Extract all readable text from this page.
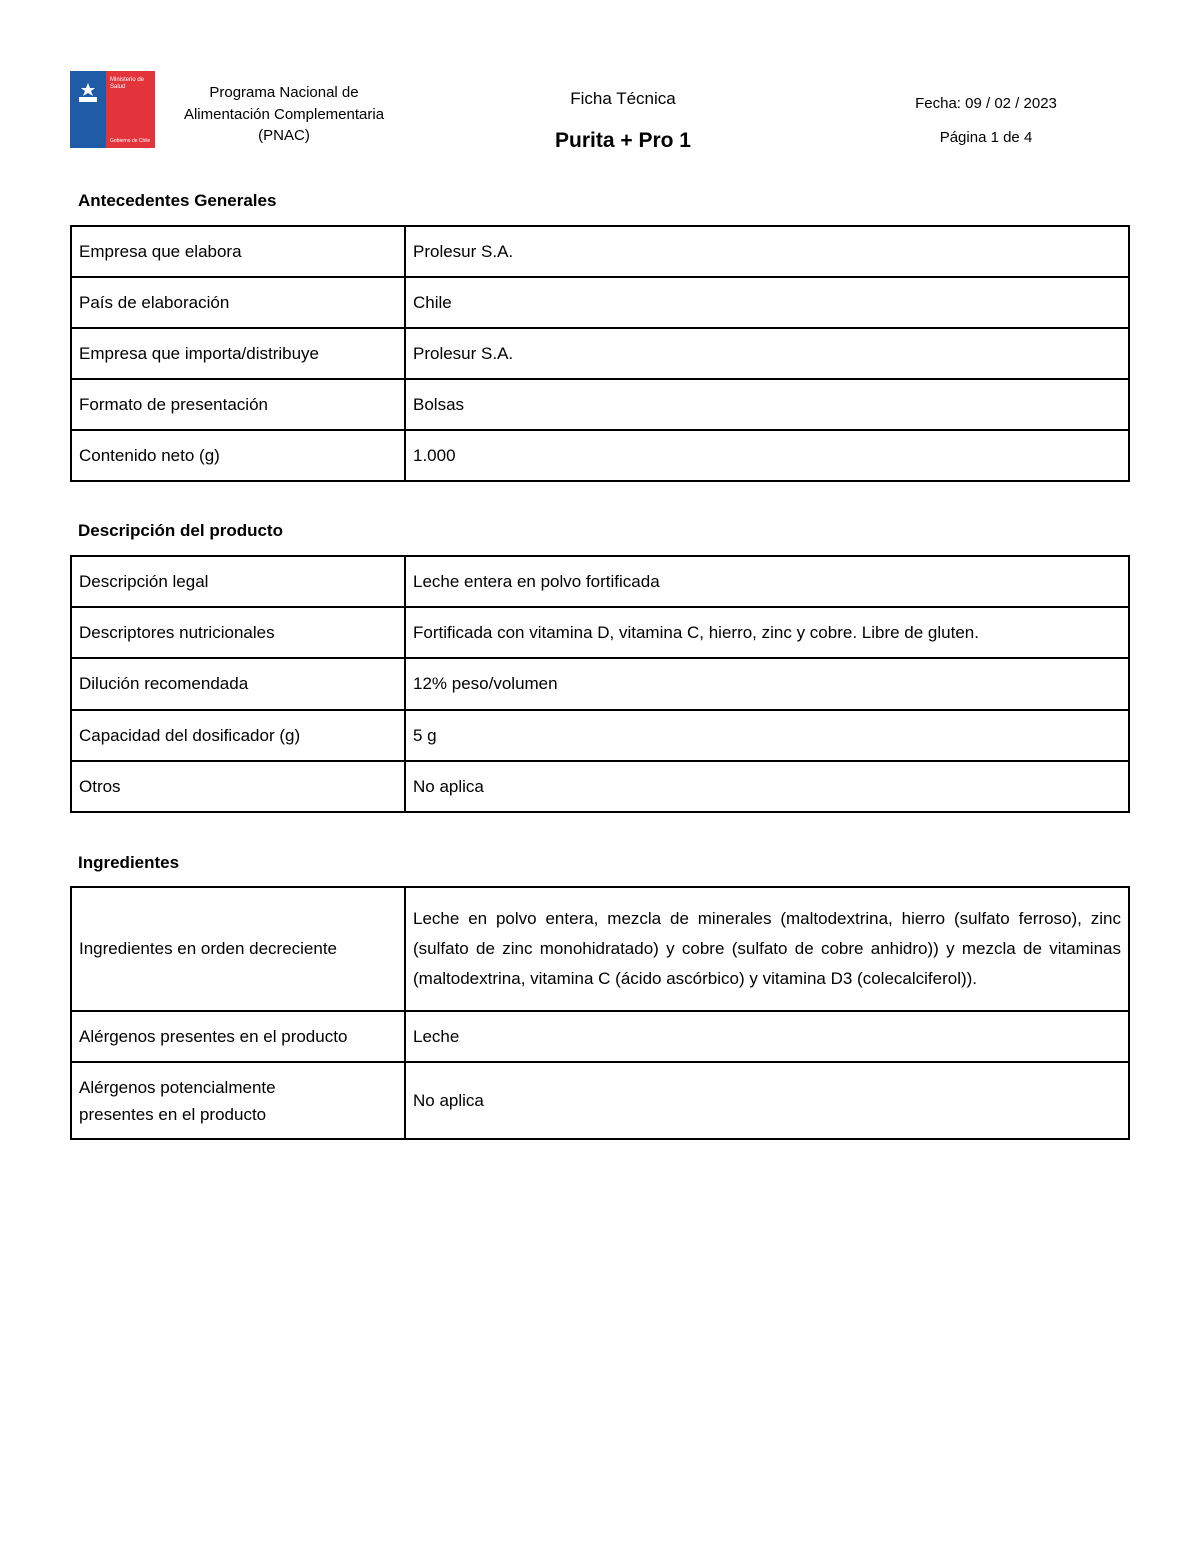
Ministerio de Salud
Gobierno de Chile
Programa Nacional de
Alimentación Complementaria
(PNAC)
Ficha Técnica
Purita + Pro 1
Fecha: 09 / 02 / 2023
Página 1 de 4
Antecedentes Generales
Empresa que elabora	Prolesur S.A.
País de elaboración	Chile
Empresa que importa/distribuye	Prolesur S.A.
Formato de presentación	Bolsas
Contenido neto (g)	1.000
Descripción del producto
Descripción legal	Leche entera en polvo fortificada
Descriptores nutricionales	Fortificada con vitamina D, vitamina C, hierro, zinc y cobre. Libre de gluten.
Dilución recomendada	12% peso/volumen
Capacidad del dosificador (g)	5 g
Otros	No aplica
Ingredientes
Ingredientes en orden decreciente	Leche en polvo entera, mezcla de minerales (maltodextrina, hierro (sulfato ferroso), zinc (sulfato de zinc monohidratado) y cobre (sulfato de cobre anhidro)) y mezcla de vitaminas (maltodextrina, vitamina C (ácido ascórbico) y vitamina D3 (colecalciferol)).
Alérgenos presentes en el producto	Leche

Alérgenos potencialmente
presentes en el producto	No aplica
